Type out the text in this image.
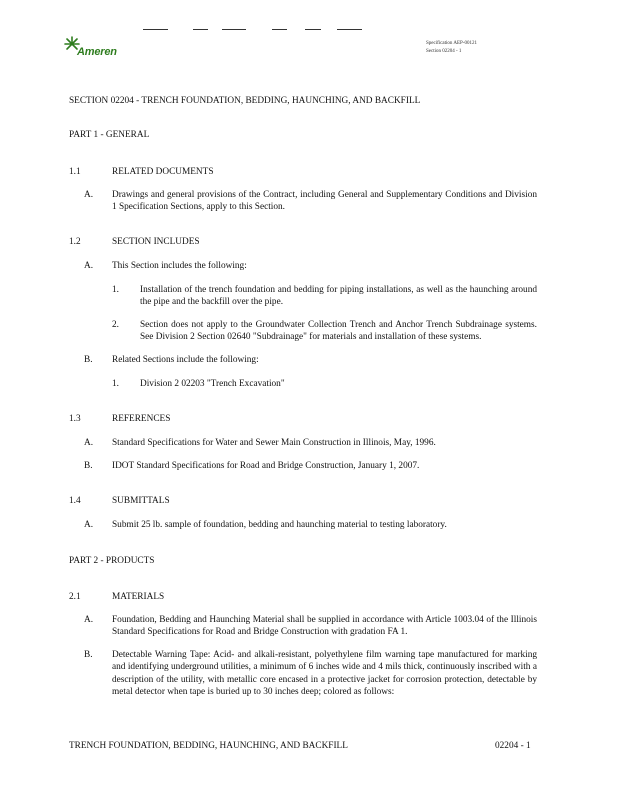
Ameren
Specification AEP-00121
Section 02204 - 1
SECTION 02204 - TRENCH FOUNDATION, BEDDING, HAUNCHING, AND BACKFILL
PART 1 - GENERAL
1.1	RELATED DOCUMENTS
A. Drawings and general provisions of the Contract, including General and Supplementary Conditions and Division 1 Specification Sections, apply to this Section.
1.2	SECTION INCLUDES
A. This Section includes the following:
1. Installation of the trench foundation and bedding for piping installations, as well as the haunching around the pipe and the backfill over the pipe.
2. Section does not apply to the Groundwater Collection Trench and Anchor Trench Subdrainage systems. See Division 2 Section 02640 "Subdrainage" for materials and installation of these systems.
B. Related Sections include the following:
1. Division 2 02203 "Trench Excavation"
1.3	REFERENCES
A. Standard Specifications for Water and Sewer Main Construction in Illinois, May, 1996.
B. IDOT Standard Specifications for Road and Bridge Construction, January 1, 2007.
1.4	SUBMITTALS
A. Submit 25 lb. sample of foundation, bedding and haunching material to testing laboratory.
PART 2 - PRODUCTS
2.1	MATERIALS
A. Foundation, Bedding and Haunching Material shall be supplied in accordance with Article 1003.04 of the Illinois Standard Specifications for Road and Bridge Construction with gradation FA 1.
B. Detectable Warning Tape: Acid- and alkali-resistant, polyethylene film warning tape manufactured for marking and identifying underground utilities, a minimum of 6 inches wide and 4 mils thick, continuously inscribed with a description of the utility, with metallic core encased in a protective jacket for corrosion protection, detectable by metal detector when tape is buried up to 30 inches deep; colored as follows:
TRENCH FOUNDATION, BEDDING, HAUNCHING, AND BACKFILL	02204 - 1
